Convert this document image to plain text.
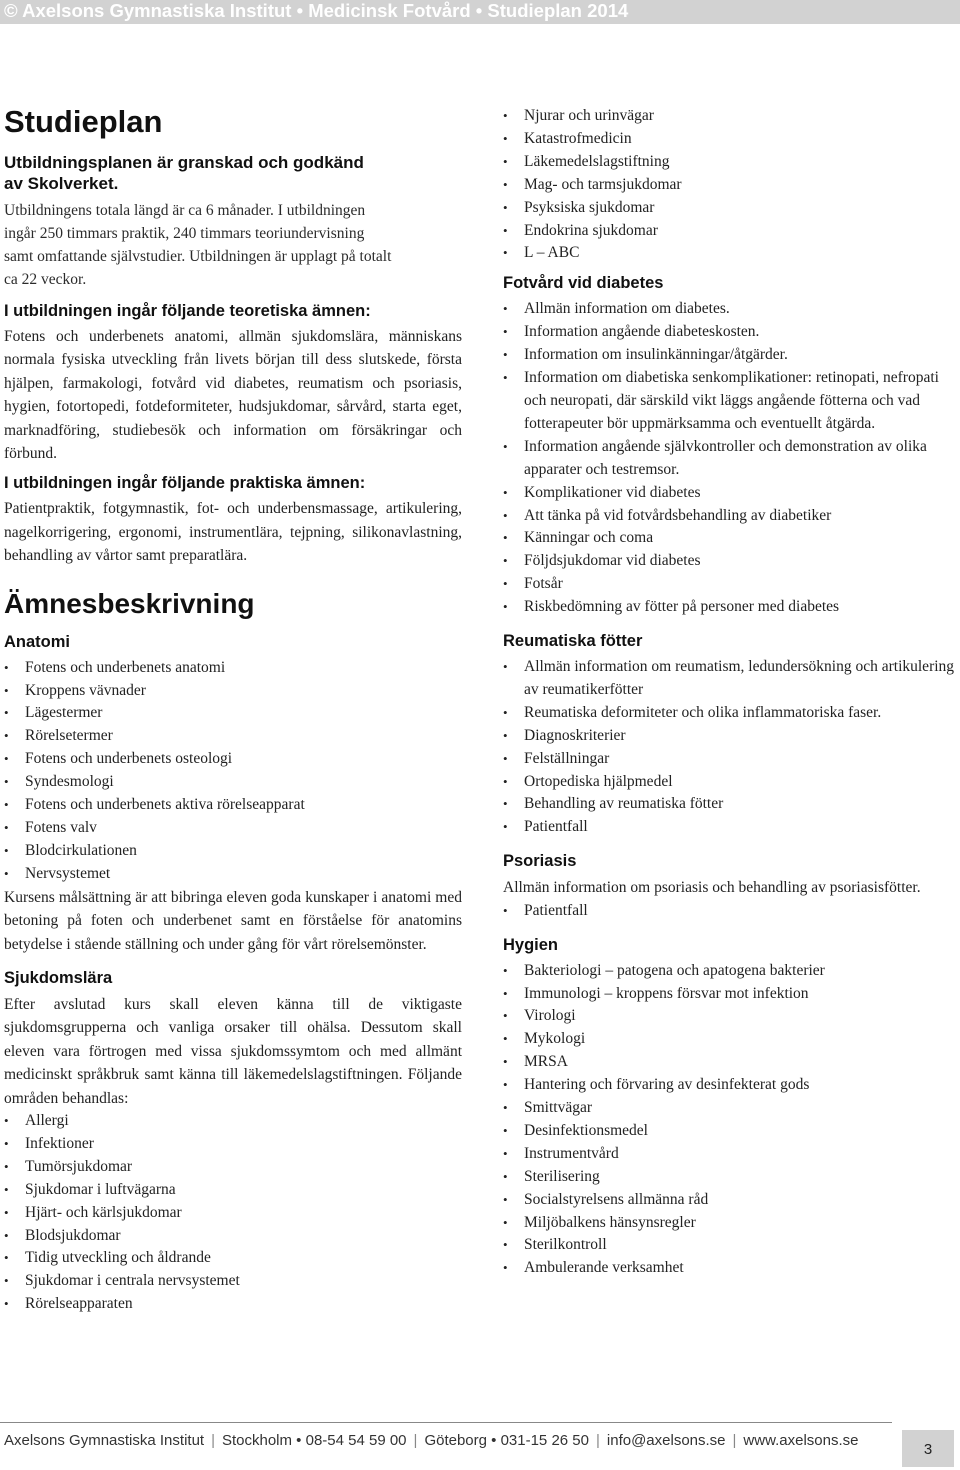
© Axelsons Gymnastiska Institut • Medicinsk Fotvård • Studieplan 2014
Studieplan

Utbildningsplanen är granskad och godkänd

av Skolverket.

Utbildningens totala längd är ca 6 månader. I utbildningen

ingår 250 timmars praktik, 240 timmars teoriundervisning

samt omfattande självstudier. Utbildningen är upplagt på totalt

ca 22 veckor.

I utbildningen ingår följande teoretiska ämnen:

Fotens och underbenets anatomi, allmän sjukdomslära, människans normala fysiska utveckling från livets början till dess slutskede, första hjälpen, farmakologi, fotvård vid diabetes, reumatism och psoriasis, hygien, fotortopedi, fotdeformiteter, hudsjukdomar, sårvård, starta eget, marknadföring, studiebesök och information om försäkringar och förbund.

I utbildningen ingår följande praktiska ämnen:

Patientpraktik, fotgymnastik, fot- och underbensmassage, artikulering, nagelkorrigering, ergonomi, instrumentlära, tejpning, silikonavlastning, behandling av vårtor samt preparatlära.

Ämnesbeskrivning

Anatomi

• Fotens och underbenets anatomi
• Kroppens vävnader
• Lägestermer
• Rörelsetermer
• Fotens och underbenets osteologi
• Syndesmologi
• Fotens och underbenets aktiva rörelseapparat
• Fotens valv
• Blodcirkulationen
• Nervsystemet

Kursens målsättning är att bibringa eleven goda kunskaper i anatomi med betoning på foten och underbenet samt en förståelse för anatomins betydelse i stående ställning och under gång för vårt rörelsemönster.

Sjukdomslära

Efter avslutad kurs skall eleven känna till de viktigaste sjukdomsgrupperna och vanliga orsaker till ohälsa. Dessutom skall eleven vara förtrogen med vissa sjukdomssymtom och med allmänt medicinskt språkbruk samt känna till läkemedelslagstiftningen. Följande områden behandlas:

• Allergi
• Infektioner
• Tumörsjukdomar
• Sjukdomar i luftvägarna
• Hjärt- och kärlsjukdomar
• Blodsjukdomar
• Tidig utveckling och åldrande
• Sjukdomar i centrala nervsystemet
• Rörelseapparaten
• Njurar och urinvägar
• Katastrofmedicin
• Läkemedelslagstiftning
• Mag- och tarmsjukdomar
• Psyksiska sjukdomar
• Endokrina sjukdomar
• L – ABC

Fotvård vid diabetes

• Allmän information om diabetes.
• Information angående diabeteskosten.
• Information om insulinkänningar/åtgärder.
• Information om diabetiska senkomplikationer: retinopati, nefropati och neuropati, där särskild vikt läggs angående fötterna och vad fotterapeuter bör uppmärksamma och eventuellt åtgärda.
• Information angående självkontroller och demonstration av olika apparater och testremsor.
• Komplikationer vid diabetes
• Att tänka på vid fotvårdsbehandling av diabetiker
• Känningar och coma
• Följdsjukdomar vid diabetes
• Fotsår
• Riskbedömning av fötter på personer med diabetes

Reumatiska fötter

• Allmän information om reumatism, ledundersökning och artikulering av reumatikerfötter
• Reumatiska deformiteter och olika inflammatoriska faser.
• Diagnoskriterier
• Felställningar
• Ortopediska hjälpmedel
• Behandling av reumatiska fötter
• Patientfall

Psoriasis

Allmän information om psoriasis och behandling av psoriasisfötter.

• Patientfall

Hygien

• Bakteriologi – patogena och apatogena bakterier
• Immunologi – kroppens försvar mot infektion
• Virologi
• Mykologi
• MRSA
• Hantering och förvaring av desinfekterat gods
• Smittvägar
• Desinfektionsmedel
• Instrumentvård
• Sterilisering
• Socialstyrelsens allmänna råd
• Miljöbalkens hänsynsregler
• Sterilkontroll
• Ambulerande verksamhet
Axelsons Gymnastiska Institut | Stockholm • 08-54 54 59 00 | Göteborg • 031-15 26 50 | info@axelsons.se | www.axelsons.se
3
